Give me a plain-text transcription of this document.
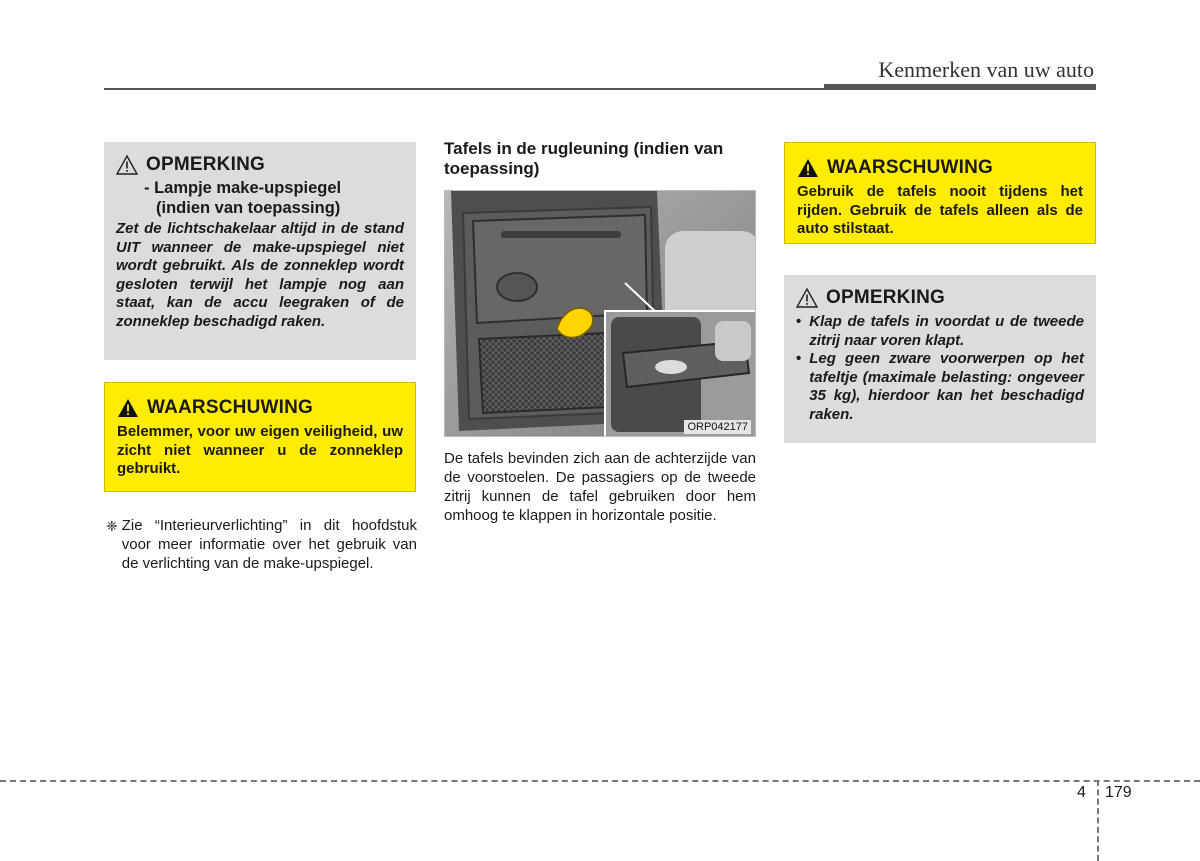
Kenmerken van uw auto
OPMERKING
- Lampje make-upspiegel
(indien van toepassing)
Zet de lichtschakelaar altijd in de stand UIT wanneer de make-upspiegel niet wordt gebruikt. Als de zonneklep wordt gesloten terwijl het lampje nog aan staat, kan de accu leegraken of de zonneklep beschadigd raken.
WAARSCHUWING
Belemmer, voor uw eigen veiligheid, uw zicht niet wanneer u de zonneklep gebruikt.
❈ Zie “Interieurverlichting” in dit hoofdstuk voor meer informatie over het gebruik van de verlichting van de make-upspiegel.
Tafels in de rugleuning (indien van toepassing)
ORP042177
De tafels bevinden zich aan de achterzijde van de voorstoelen. De passagiers op de tweede zitrij kunnen de tafel gebruiken door hem omhoog te klappen in horizontale positie.
WAARSCHUWING
Gebruik de tafels nooit tijdens het rijden. Gebruik de tafels alleen als de auto stilstaat.
OPMERKING
• Klap de tafels in voordat u de tweede zitrij naar voren klapt.
• Leg geen zware voorwerpen op het tafeltje (maximale belasting: ongeveer 35 kg), hierdoor kan het beschadigd raken.
4 179
